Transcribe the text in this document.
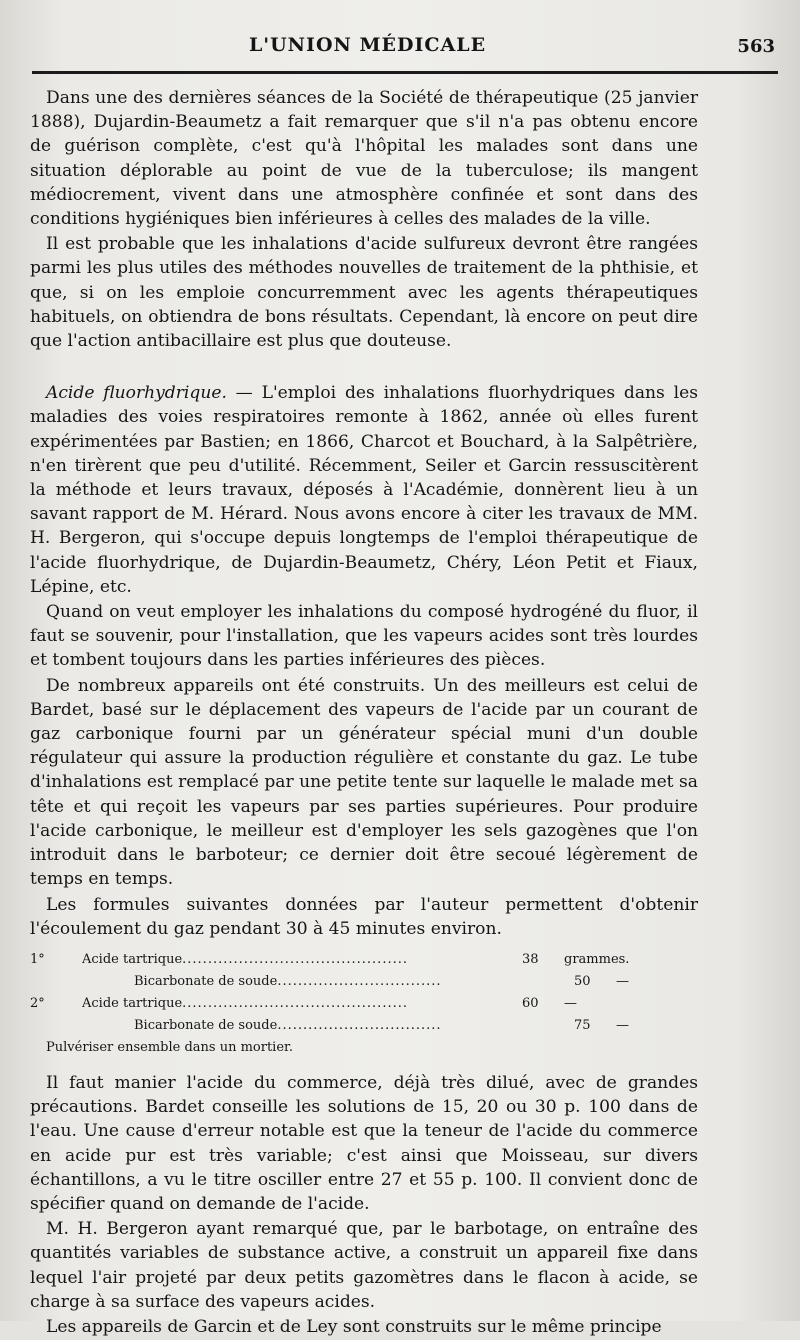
L'UNION MÉDICALE	563

Dans une des dernières séances de la Société de thérapeutique (25 janvier 1888), Dujardin-Beaumetz a fait remarquer que s'il n'a pas obtenu encore de guérison complète, c'est qu'à l'hôpital les malades sont dans une situation déplorable au point de vue de la tuberculose; ils mangent médiocrement, vivent dans une atmosphère confinée et sont dans des conditions hygiéniques bien inférieures à celles des malades de la ville.

Il est probable que les inhalations d'acide sulfureux devront être rangées parmi les plus utiles des méthodes nouvelles de traitement de la phthisie, et que, si on les emploie concurremment avec les agents thérapeutiques habituels, on obtiendra de bons résultats. Cependant, là encore on peut dire que l'action antibacillaire est plus que douteuse.

Acide fluorhydrique. — L'emploi des inhalations fluorhydriques dans les maladies des voies respiratoires remonte à 1862, année où elles furent expérimentées par Bastien; en 1866, Charcot et Bouchard, à la Salpêtrière, n'en tirèrent que peu d'utilité. Récemment, Seiler et Garcin ressuscitèrent la méthode et leurs travaux, déposés à l'Académie, donnèrent lieu à un savant rapport de M. Hérard. Nous avons encore à citer les travaux de MM. H. Bergeron, qui s'occupe depuis longtemps de l'emploi thérapeutique de l'acide fluorhydrique, de Dujardin-Beaumetz, Chéry, Léon Petit et Fiaux, Lépine, etc.

Quand on veut employer les inhalations du composé hydrogéné du fluor, il faut se souvenir, pour l'installation, que les vapeurs acides sont très lourdes et tombent toujours dans les parties inférieures des pièces.

De nombreux appareils ont été construits. Un des meilleurs est celui de Bardet, basé sur le déplacement des vapeurs de l'acide par un courant de gaz carbonique fourni par un générateur spécial muni d'un double régulateur qui assure la production régulière et constante du gaz. Le tube d'inhalations est remplacé par une petite tente sur laquelle le malade met sa tête et qui reçoit les vapeurs par ses parties supérieures. Pour produire l'acide carbonique, le meilleur est d'employer les sels gazogènes que l'on introduit dans le barboteur; ce dernier doit être secoué légèrement de temps en temps.

Les formules suivantes données par l'auteur permettent d'obtenir l'écoulement du gaz pendant 30 à 45 minutes environ.

1°	Acide tartrique............................................	38	grammes.
Bicarbonate de soude................................	50	—
2°	Acide tartrique............................................	60	—
Bicarbonate de soude................................	75	—
Pulvériser ensemble dans un mortier.

Il faut manier l'acide du commerce, déjà très dilué, avec de grandes précautions. Bardet conseille les solutions de 15, 20 ou 30 p. 100 dans de l'eau. Une cause d'erreur notable est que la teneur de l'acide du commerce en acide pur est très variable; c'est ainsi que Moisseau, sur divers échantillons, a vu le titre osciller entre 27 et 55 p. 100. Il convient donc de spécifier quand on demande de l'acide.

M. H. Bergeron ayant remarqué que, par le barbotage, on entraîne des quantités variables de substance active, a construit un appareil fixe dans lequel l'air projeté par deux petits gazomètres dans le flacon à acide, se charge à sa surface des vapeurs acides.

Les appareils de Garcin et de Ley sont construits sur le même principe
